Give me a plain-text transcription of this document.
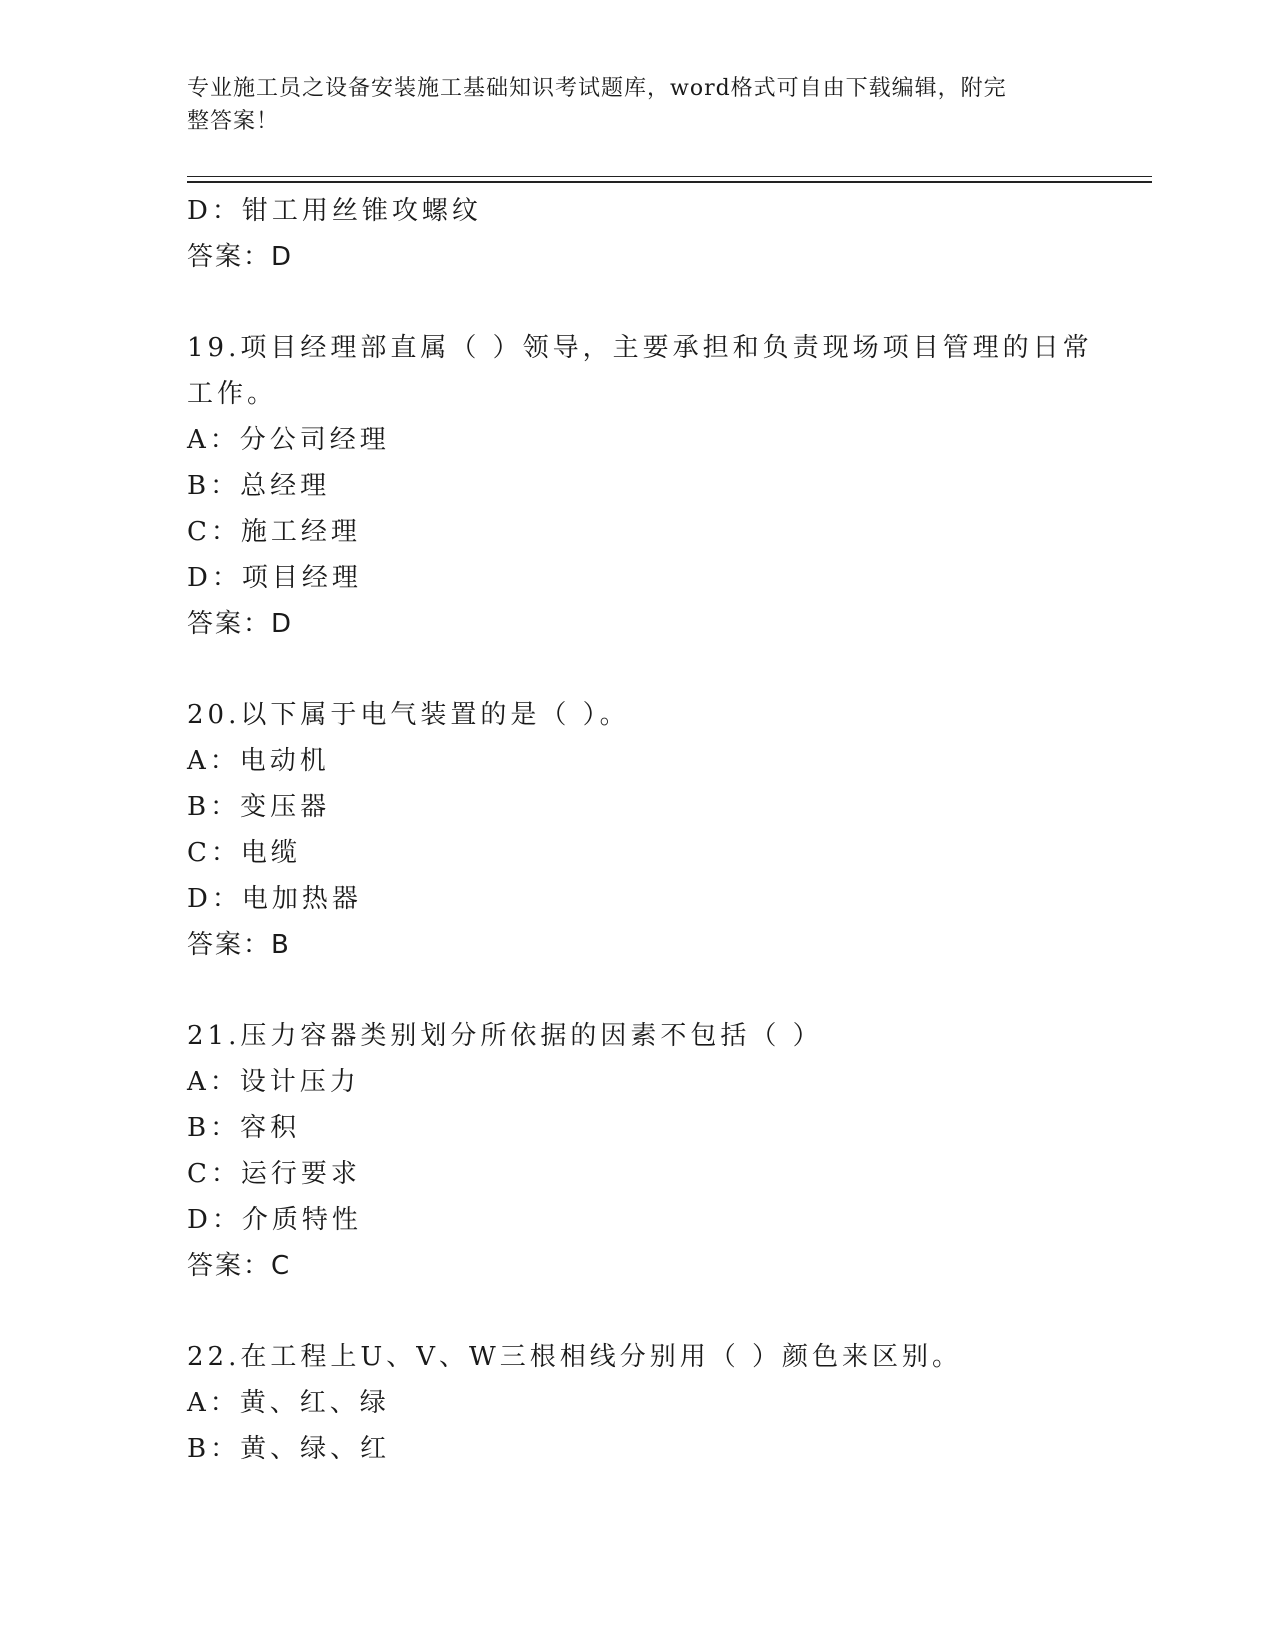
专业施工员之设备安装施工基础知识考试题库，word格式可自由下载编辑，附完
整答案！
D：钳工用丝锥攻螺纹
答案：D
19.项目经理部直属（ ）领导，主要承担和负责现场项目管理的日常
工作。
A：分公司经理
B：总经理
C：施工经理
D：项目经理
答案：D
20.以下属于电气装置的是（ ）。
A：电动机
B：变压器
C：电缆
D：电加热器
答案：B
21.压力容器类别划分所依据的因素不包括（ ）
A：设计压力
B：容积
C：运行要求
D：介质特性
答案：C
22.在工程上U、V、W三根相线分别用（ ）颜色来区别。
A：黄、红、绿
B：黄、绿、红
